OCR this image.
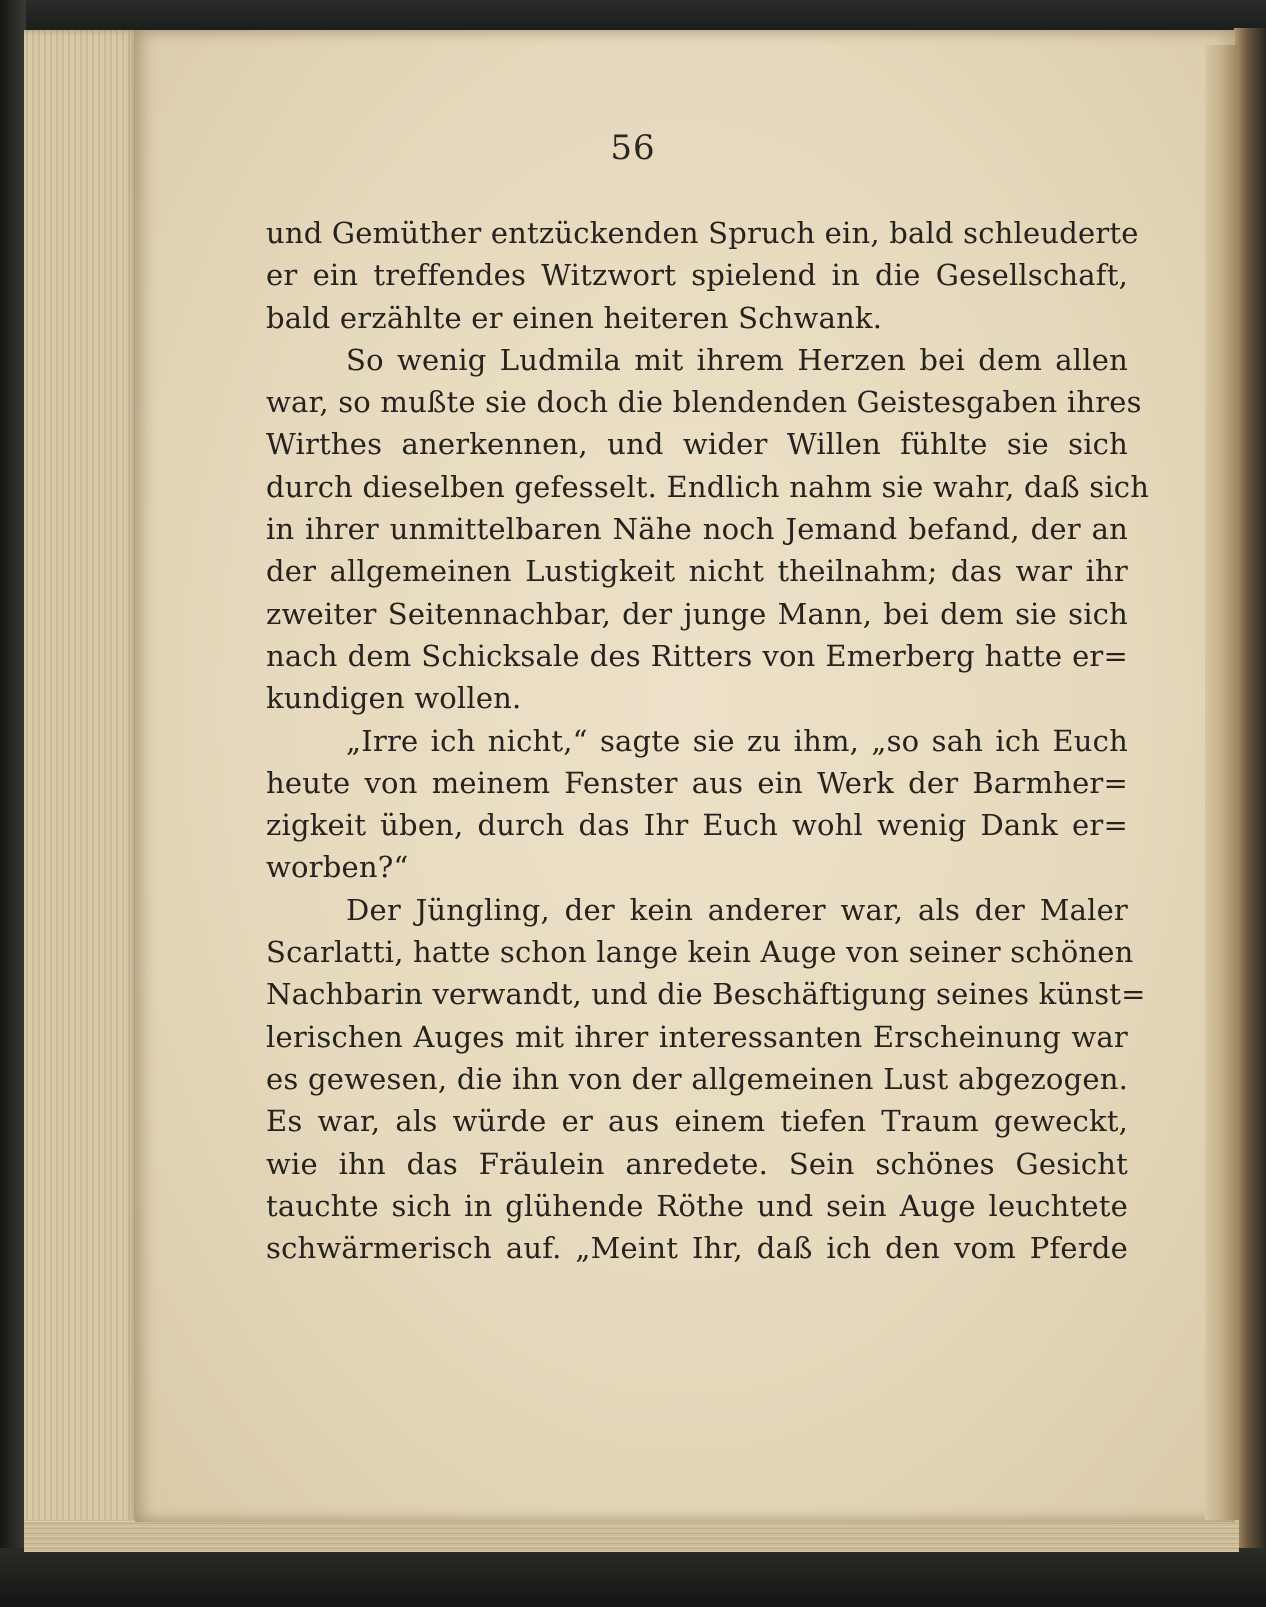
56
und Gemüther entzückenden Spruch ein, bald schleuderte
er ein treffendes Witzwort spielend in die Gesellschaft,
bald erzählte er einen heiteren Schwank.
So wenig Ludmila mit ihrem Herzen bei dem allen
war, so mußte sie doch die blendenden Geistesgaben ihres
Wirthes anerkennen, und wider Willen fühlte sie sich
durch dieselben gefesselt. Endlich nahm sie wahr, daß sich
in ihrer unmittelbaren Nähe noch Jemand befand, der an
der allgemeinen Lustigkeit nicht theilnahm; das war ihr
zweiter Seitennachbar, der junge Mann, bei dem sie sich
nach dem Schicksale des Ritters von Emerberg hatte er=
kundigen wollen.
„Irre ich nicht,“ sagte sie zu ihm, „so sah ich Euch
heute von meinem Fenster aus ein Werk der Barmher=
zigkeit üben, durch das Ihr Euch wohl wenig Dank er=
worben?“
Der Jüngling, der kein anderer war, als der Maler
Scarlatti, hatte schon lange kein Auge von seiner schönen
Nachbarin verwandt, und die Beschäftigung seines künst=
lerischen Auges mit ihrer interessanten Erscheinung war
es gewesen, die ihn von der allgemeinen Lust abgezogen.
Es war, als würde er aus einem tiefen Traum geweckt,
wie ihn das Fräulein anredete. Sein schönes Gesicht
tauchte sich in glühende Röthe und sein Auge leuchtete
schwärmerisch auf. „Meint Ihr, daß ich den vom Pferde
